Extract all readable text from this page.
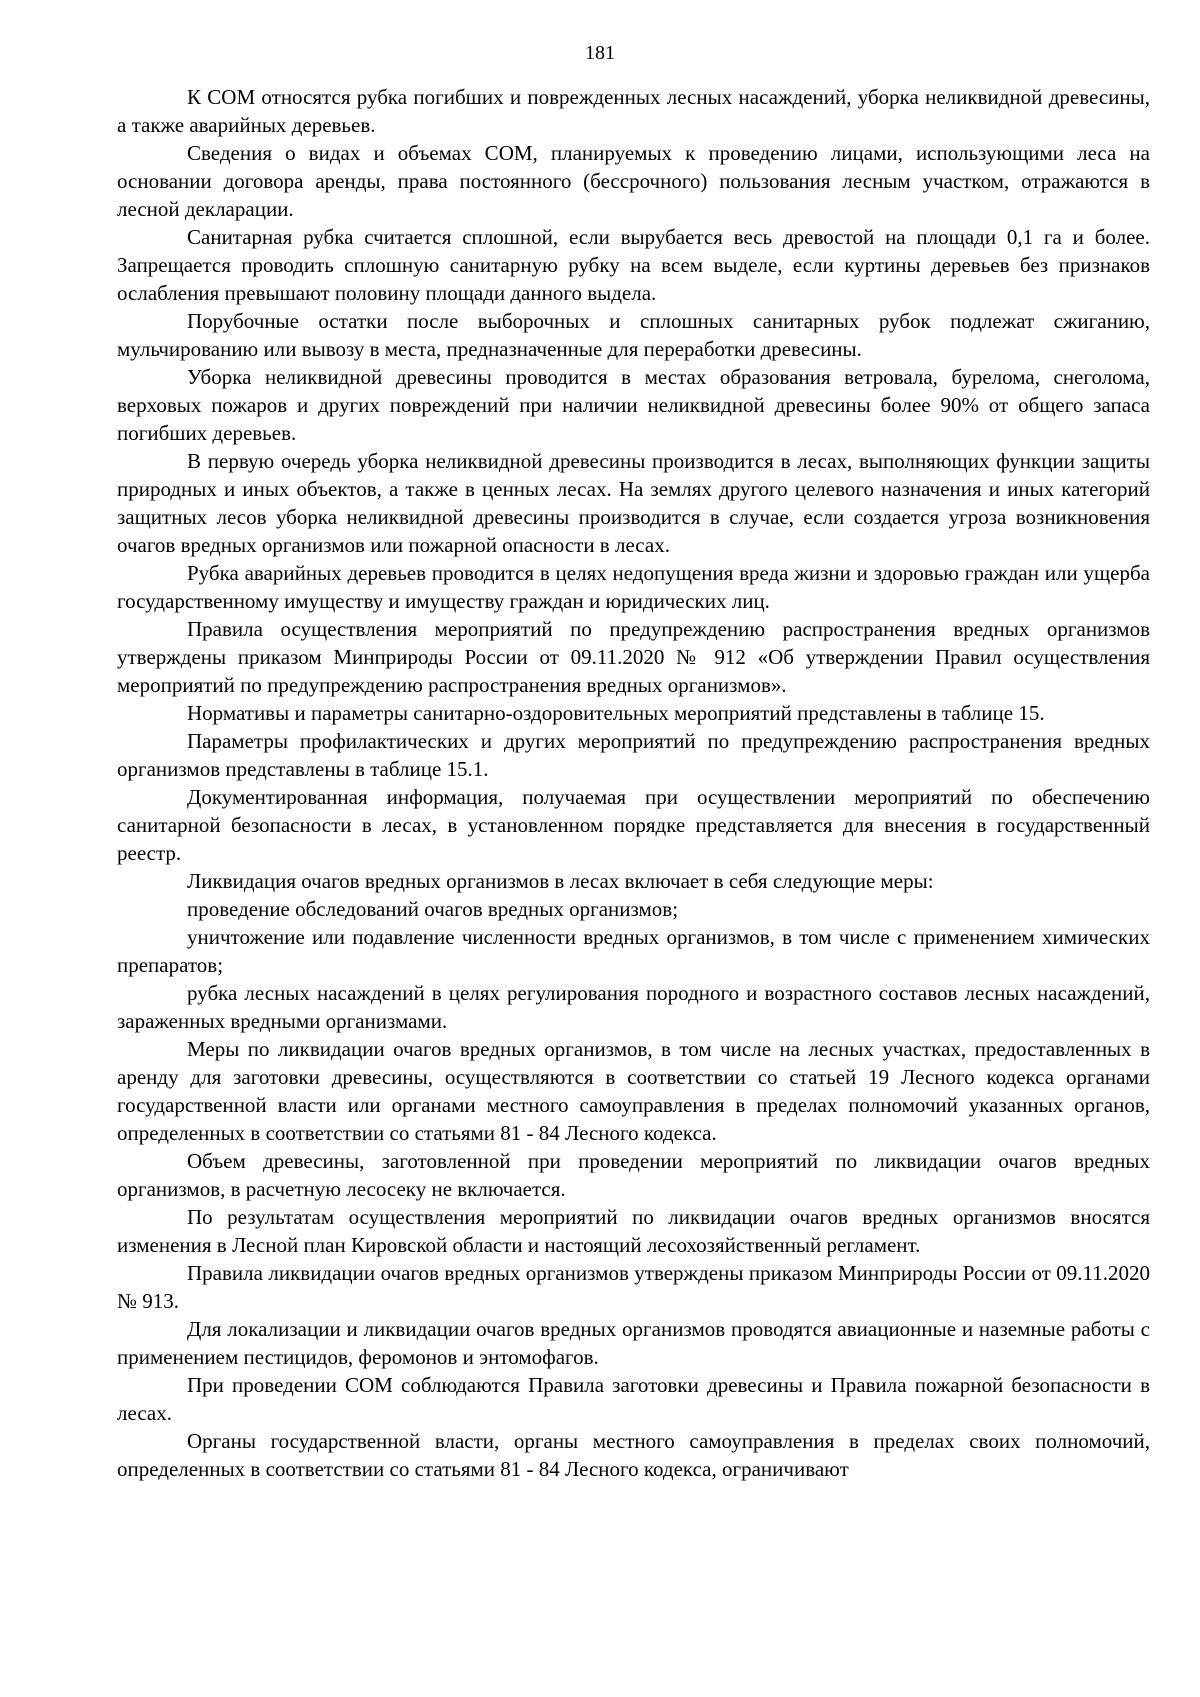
181

К СОМ относятся рубка погибших и поврежденных лесных насаждений, уборка неликвидной древесины, а также аварийных деревьев.

Сведения о видах и объемах СОМ, планируемых к проведению лицами, использующими леса на основании договора аренды, права постоянного (бессрочного) пользования лесным участком, отражаются в лесной декларации.

Санитарная рубка считается сплошной, если вырубается весь древостой на площади 0,1 га и более. Запрещается проводить сплошную санитарную рубку на всем выделе, если куртины деревьев без признаков ослабления превышают половину площади данного выдела.

Порубочные остатки после выборочных и сплошных санитарных рубок подлежат сжиганию, мульчированию или вывозу в места, предназначенные для переработки древесины.

Уборка неликвидной древесины проводится в местах образования ветровала, бурелома, снеголома, верховых пожаров и других повреждений при наличии неликвидной древесины более 90% от общего запаса погибших деревьев.

В первую очередь уборка неликвидной древесины производится в лесах, выполняющих функции защиты природных и иных объектов, а также в ценных лесах. На землях другого целевого назначения и иных категорий защитных лесов уборка неликвидной древесины производится в случае, если создается угроза возникновения очагов вредных организмов или пожарной опасности в лесах.

Рубка аварийных деревьев проводится в целях недопущения вреда жизни и здоровью граждан или ущерба государственному имуществу и имуществу граждан и юридических лиц.

Правила осуществления мероприятий по предупреждению распространения вредных организмов утверждены приказом Минприроды России от 09.11.2020 № 912 «Об утверждении Правил осуществления мероприятий по предупреждению распространения вредных организмов».

Нормативы и параметры санитарно-оздоровительных мероприятий представлены в таблице 15.

Параметры профилактических и других мероприятий по предупреждению распространения вредных организмов представлены в таблице 15.1.

Документированная информация, получаемая при осуществлении мероприятий по обеспечению санитарной безопасности в лесах, в установленном порядке представляется для внесения в государственный реестр.

Ликвидация очагов вредных организмов в лесах включает в себя следующие меры:

проведение обследований очагов вредных организмов;

уничтожение или подавление численности вредных организмов, в том числе с применением химических препаратов;

рубка лесных насаждений в целях регулирования породного и возрастного составов лесных насаждений, зараженных вредными организмами.

Меры по ликвидации очагов вредных организмов, в том числе на лесных участках, предоставленных в аренду для заготовки древесины, осуществляются в соответствии со статьей 19 Лесного кодекса органами государственной власти или органами местного самоуправления в пределах полномочий указанных органов, определенных в соответствии со статьями 81 - 84 Лесного кодекса.

Объем древесины, заготовленной при проведении мероприятий по ликвидации очагов вредных организмов, в расчетную лесосеку не включается.

По результатам осуществления мероприятий по ликвидации очагов вредных организмов вносятся изменения в Лесной план Кировской области и настоящий лесохозяйственный регламент.

Правила ликвидации очагов вредных организмов утверждены приказом Минприроды России от 09.11.2020 № 913.

Для локализации и ликвидации очагов вредных организмов проводятся авиационные и наземные работы с применением пестицидов, феромонов и энтомофагов.

При проведении СОМ соблюдаются Правила заготовки древесины и Правила пожарной безопасности в лесах.

Органы государственной власти, органы местного самоуправления в пределах своих полномочий, определенных в соответствии со статьями 81 - 84 Лесного кодекса, ограничивают
